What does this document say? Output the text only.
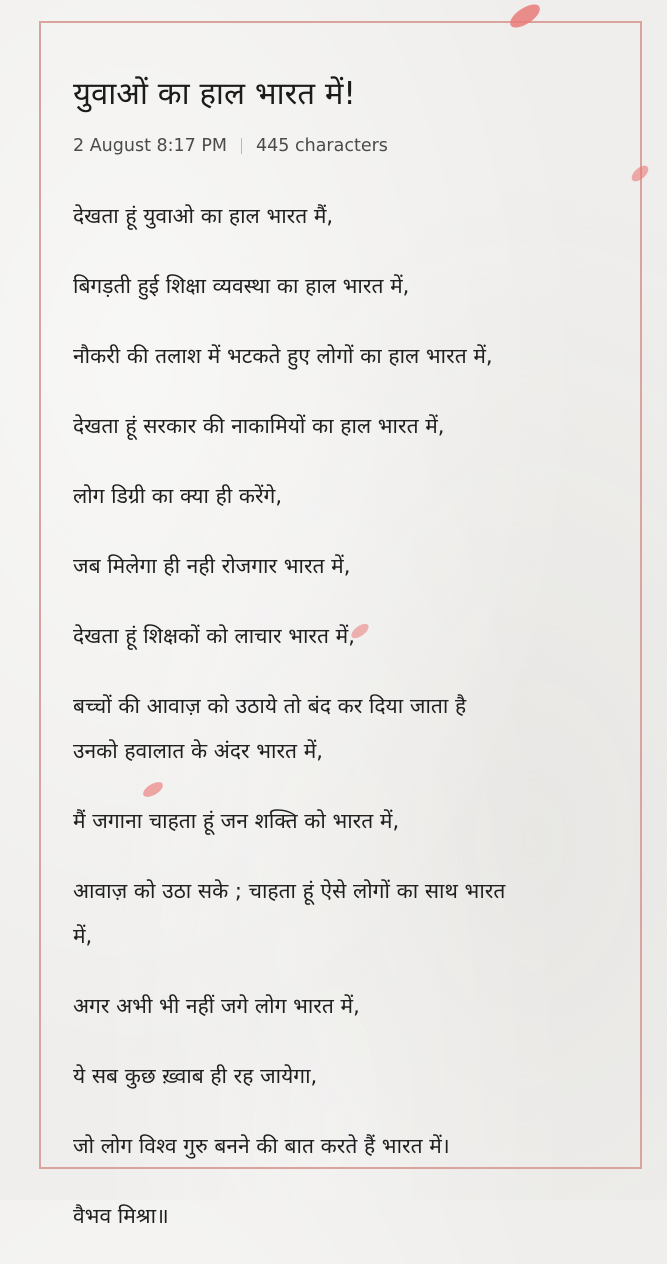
युवाओं का हाल भारत में!
2 August 8:17 PM 445 characters

देखता हूं युवाओ का हाल भारत मैं,

बिगड़ती हुई शिक्षा व्यवस्था का हाल भारत में,

नौकरी की तलाश में भटकते हुए लोगों का हाल भारत में,

देखता हूं सरकार की नाकामियों का हाल भारत में,

लोग डिग्री का क्या ही करेंगे,

जब मिलेगा ही नही रोजगार भारत में,

देखता हूं शिक्षकों को लाचार भारत में,

बच्चों की आवाज़ को उठाये तो बंद कर दिया जाता है

उनको हवालात के अंदर भारत में,

मैं जगाना चाहता हूं जन शक्ति को भारत में,

आवाज़ को उठा सके ; चाहता हूं ऐसे लोगों का साथ भारत

में,

अगर अभी भी नहीं जगे लोग भारत में,

ये सब कुछ ख़्वाब ही रह जायेगा,

जो लोग विश्व गुरु बनने की बात करते हैं भारत में।

वैभव मिश्रा॥
